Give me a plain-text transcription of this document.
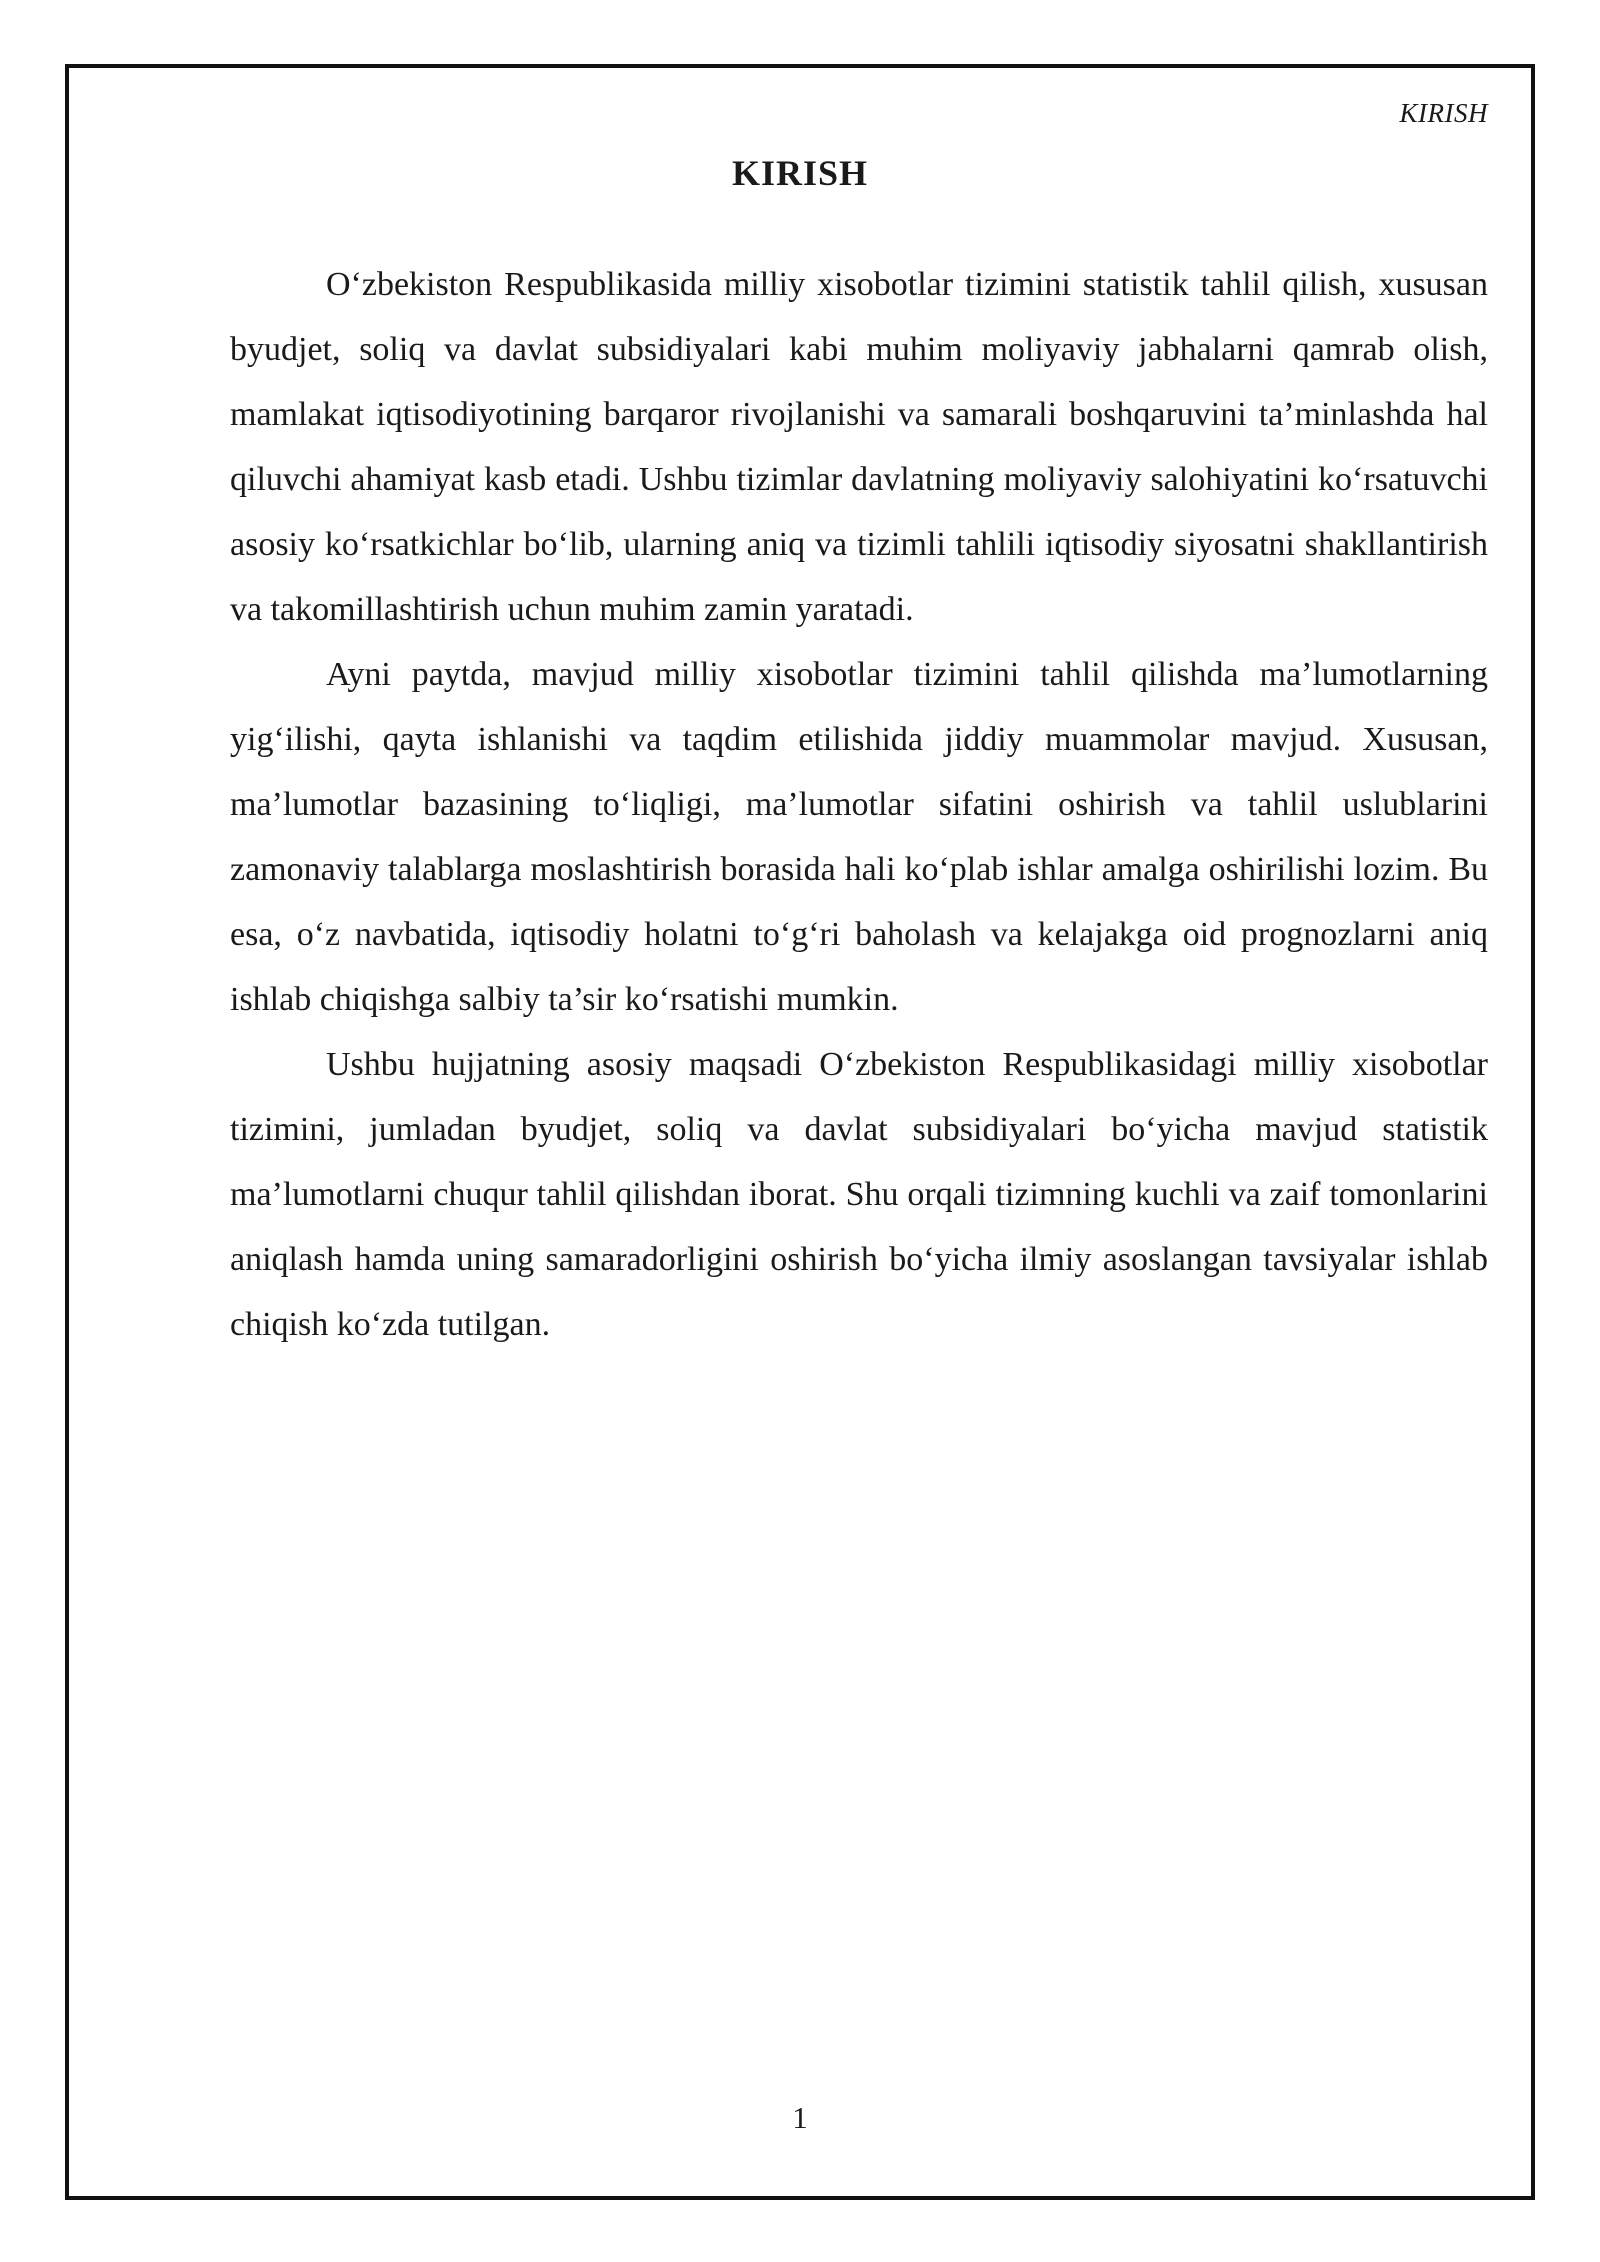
KIRISH
KIRISH

O‘zbekiston Respublikasida milliy xisobotlar tizimini statistik tahlil qilish, xususan byudjet, soliq va davlat subsidiyalari kabi muhim moliyaviy jabhalarni qamrab olish, mamlakat iqtisodiyotining barqaror rivojlanishi va samarali boshqaruvini ta’minlashda hal qiluvchi ahamiyat kasb etadi. Ushbu tizimlar davlatning moliyaviy salohiyatini ko‘rsatuvchi asosiy ko‘rsatkichlar bo‘lib, ularning aniq va tizimli tahlili iqtisodiy siyosatni shakllantirish va takomillashtirish uchun muhim zamin yaratadi.

Ayni paytda, mavjud milliy xisobotlar tizimini tahlil qilishda ma’lumotlarning yig‘ilishi, qayta ishlanishi va taqdim etilishida jiddiy muammolar mavjud. Xususan, ma’lumotlar bazasining to‘liqligi, ma’lumotlar sifatini oshirish va tahlil uslublarini zamonaviy talablarga moslashtirish borasida hali ko‘plab ishlar amalga oshirilishi lozim. Bu esa, o‘z navbatida, iqtisodiy holatni to‘g‘ri baholash va kelajakga oid prognozlarni aniq ishlab chiqishga salbiy ta’sir ko‘rsatishi mumkin.

Ushbu hujjatning asosiy maqsadi O‘zbekiston Respublikasidagi milliy xisobotlar tizimini, jumladan byudjet, soliq va davlat subsidiyalari bo‘yicha mavjud statistik ma’lumotlarni chuqur tahlil qilishdan iborat. Shu orqali tizimning kuchli va zaif tomonlarini aniqlash hamda uning samaradorligini oshirish bo‘yicha ilmiy asoslangan tavsiyalar ishlab chiqish ko‘zda tutilgan.

1
